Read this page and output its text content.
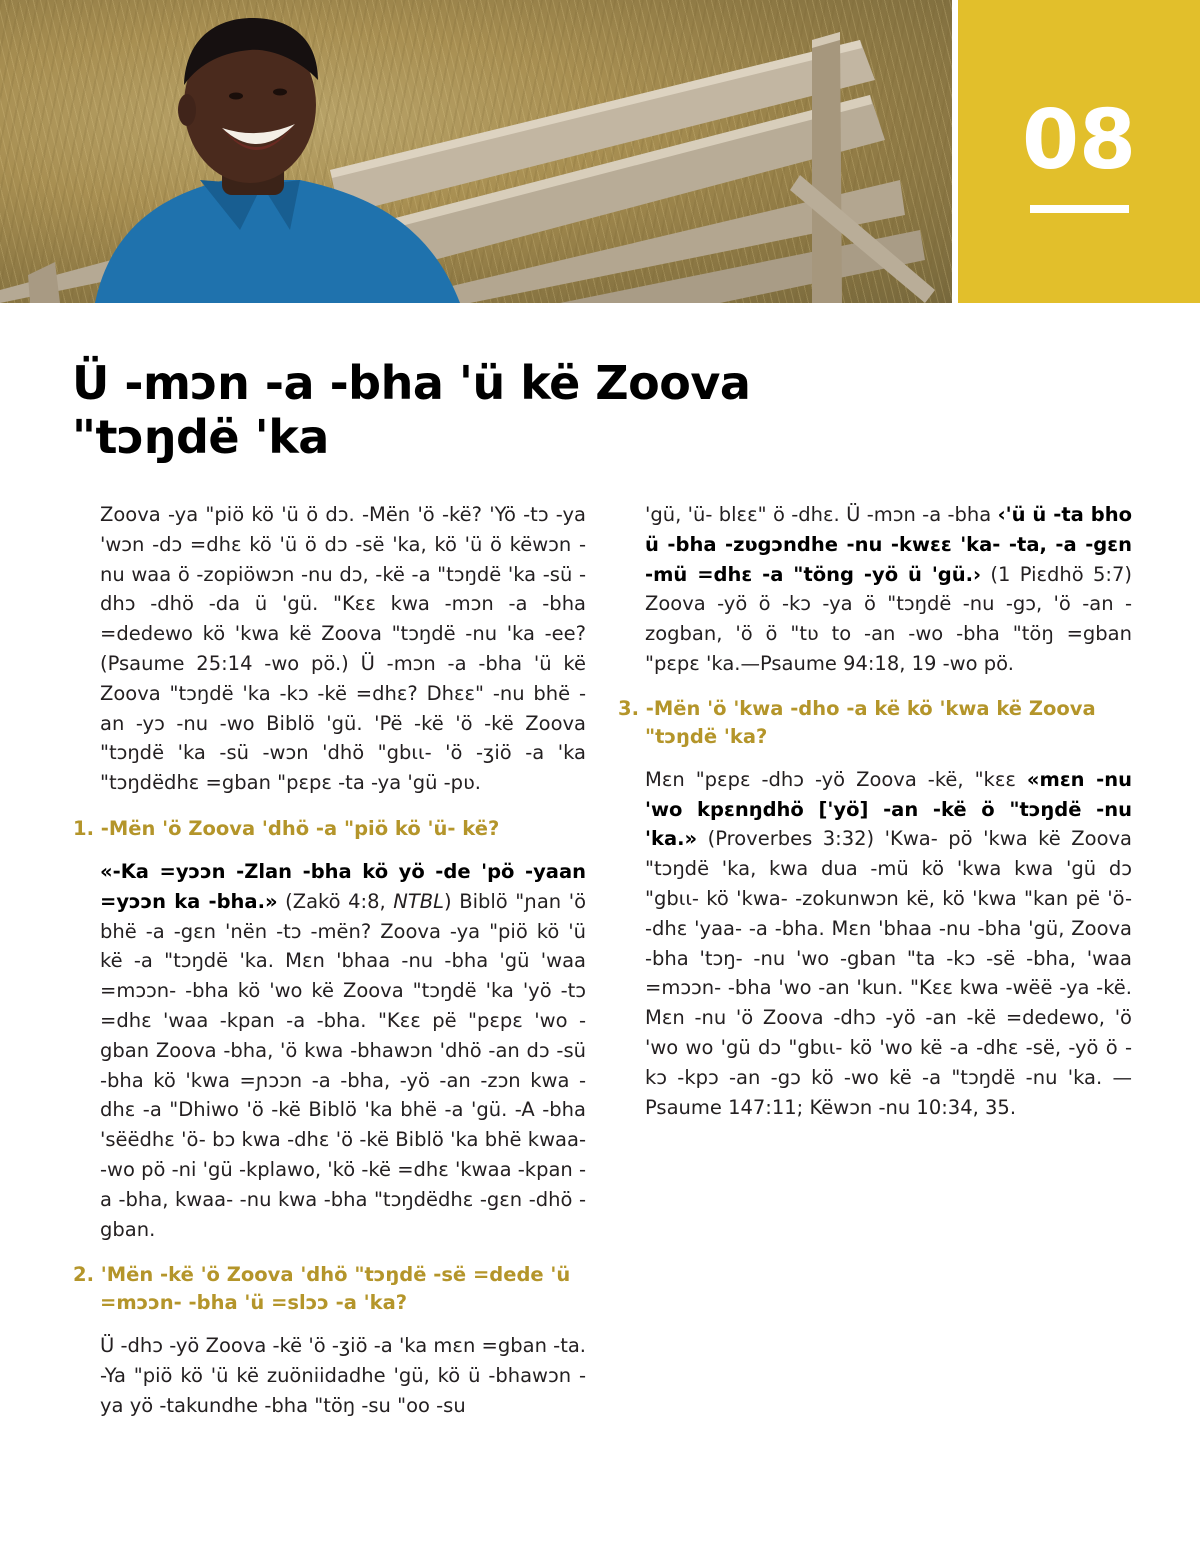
08
Ü -mɔn -a -bha 'ü kë Zoova "tɔŋdë 'ka

Zoova -ya "piö kö 'ü ö dɔ. -Mën 'ö -kë? 'Yö -tɔ -ya 'wɔn -dɔ =dhɛ kö 'ü ö dɔ -së 'ka, kö 'ü ö këwɔn -nu waa ö -zopiöwɔn -nu dɔ, -kë -a "tɔŋdë 'ka -sü -dhɔ -dhö -da ü 'gü. "Kɛɛ kwa -mɔn -a -bha =dedewo kö 'kwa kë Zoova "tɔŋdë -nu 'ka -ee? (Psaume 25:14 -wo pö.) Ü -mɔn -a -bha 'ü kë Zoova "tɔŋdë 'ka -kɔ -kë =dhɛ? Dhɛɛ" -nu bhë -an -yɔ -nu -wo Biblö 'gü. 'Pë -kë 'ö -kë Zoova "tɔŋdë 'ka -sü -wɔn 'dhö "gbɩɩ- 'ö -ʒiö -a 'ka "tɔŋdëdhɛ =gban "pɛpɛ -ta -ya 'gü -pʋ.

1. -Mën 'ö Zoova 'dhö -a "piö kö 'ü- kë?

«-Ka =yɔɔn -Zlan -bha kö yö -de 'pö -yaan =yɔɔn ka -bha.» (Zakö 4:8, NTBL) Biblö "ɲan 'ö bhë -a -gɛn 'nën -tɔ -mën? Zoova -ya "piö kö 'ü kë -a "tɔŋdë 'ka. Mɛn 'bhaa -nu -bha 'gü 'waa =mɔɔn- -bha kö 'wo kë Zoova "tɔŋdë 'ka 'yö -tɔ =dhɛ 'waa -kpan -a -bha. "Kɛɛ pë "pɛpɛ 'wo -gban Zoova -bha, 'ö kwa -bhawɔn 'dhö -an dɔ -sü -bha kö 'kwa =ɲɔɔn -a -bha, -yö -an -zɔn kwa -dhɛ -a "Dhiwo 'ö -kë Biblö 'ka bhë -a 'gü. -A -bha 'sëëdhɛ 'ö- bɔ kwa -dhɛ 'ö -kë Biblö 'ka bhë kwaa- -wo pö -ni 'gü -kplawo, 'kö -kë =dhɛ 'kwaa -kpan -a -bha, kwaa- -nu kwa -bha "tɔŋdëdhɛ -gɛn -dhö -gban.

2. 'Mën -kë 'ö Zoova 'dhö "tɔŋdë -së =dede 'ü =mɔɔn- -bha 'ü =slɔɔ -a 'ka?

Ü -dhɔ -yö Zoova -kë 'ö -ʒiö -a 'ka mɛn =gban -ta. -Ya "piö kö 'ü kë zuöniidadhe 'gü, kö ü -bhawɔn -ya yö -takundhe -bha "töŋ -su "oo -su

'gü, 'ü- blɛɛ" ö -dhɛ. Ü -mɔn -a -bha ‹'ü ü -ta bho ü -bha -zʋgɔndhe -nu -kwɛɛ 'ka- -ta, -a -gɛn -mü =dhɛ -a "töng -yö ü 'gü.› (1 Piɛdhö 5:7) Zoova -yö ö -kɔ -ya ö "tɔŋdë -nu -gɔ, 'ö -an -zogban, 'ö ö "tʋ to -an -wo -bha "töŋ =gban "pɛpɛ 'ka.—Psaume 94:18, 19 -wo pö.

3. -Mën 'ö 'kwa -dho -a kë kö 'kwa kë Zoova "tɔŋdë 'ka?

Mɛn "pɛpɛ -dhɔ -yö Zoova -kë, "kɛɛ «mɛn -nu 'wo kpɛnŋdhö ['yö] -an -kë ö "tɔŋdë -nu 'ka.» (Proverbes 3:32) 'Kwa- pö 'kwa kë Zoova "tɔŋdë 'ka, kwa dua -mü kö 'kwa kwa 'gü dɔ "gbɩɩ- kö 'kwa- -zokunwɔn kë, kö 'kwa "kan pë 'ö- -dhɛ 'yaa- -a -bha. Mɛn 'bhaa -nu -bha 'gü, Zoova -bha 'tɔŋ- -nu 'wo -gban "ta -kɔ -së -bha, 'waa =mɔɔn- -bha 'wo -an 'kun. "Kɛɛ kwa -wëë -ya -kë. Mɛn -nu 'ö Zoova -dhɔ -yö -an -kë =dedewo, 'ö 'wo wo 'gü dɔ "gbɩɩ- kö 'wo kë -a -dhɛ -së, -yö ö -kɔ -kpɔ -an -gɔ kö -wo kë -a "tɔŋdë -nu 'ka. —Psaume 147:11; Këwɔn -nu 10:34, 35.
